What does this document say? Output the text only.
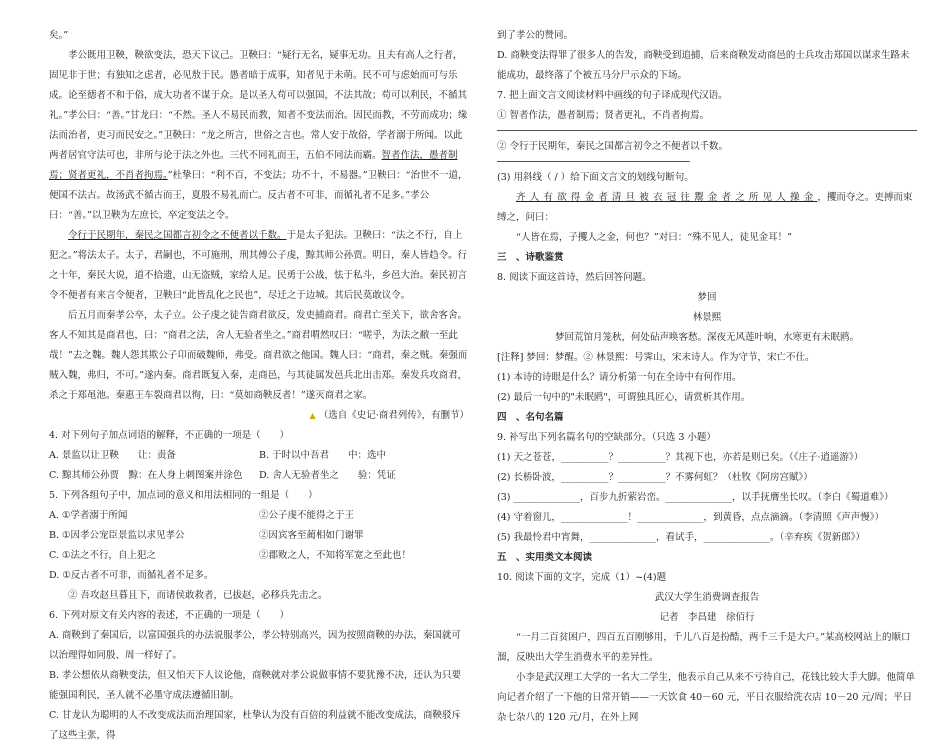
矣。”

孝公既用卫鞅，鞅欲变法，恐天下议己。卫鞅曰：“疑行无名，疑事无功。且夫有高人之行者，固见非于世；有独知之虑者，必见敖于民。愚者暗于成事，知者见于未萌。民不可与虑始而可与乐成。论至德者不和于俗，成大功者不谋于众。是以圣人苟可以强国，不法其故；苟可以利民，不循其礼。”孝公曰：“善。”甘龙曰：“不然。圣人不易民而教，知者不变法而治。因民而教，不劳而成功；缘法而治者，吏习而民安之。”卫鞅曰：“龙之所言，世俗之言也。常人安于故俗，学者溺于所闻。以此两者居官守法可也，非所与论于法之外也。三代不同礼而王，五伯不同法而霸。智者作法，愚者制焉；贤者更礼，不肖者拘焉。”杜挚曰：“利不百，不变法；功不十，不易器。”卫鞅曰：“治世不一道，便国不法古。故汤武不循古而王，夏殷不易礼而亡。反古者不可非，而循礼者不足多。”孝公曰：“善。”以卫鞅为左庶长，卒定变法之令。

令行于民期年，秦民之国都言初令之不便者以千数。于是太子犯法。卫鞅曰：“法之不行，自上犯之。”将法太子。太子，君嗣也，不可施刑，刑其傅公子虔，黥其师公孙贾。明日，秦人皆趋令。行之十年，秦民大说，道不拾遗，山无盗贼，家给人足。民勇于公战，怯于私斗，乡邑大治。秦民初言令不便者有来言令便者，卫鞅曰“此皆乱化之民也”，尽迁之于边城。其后民莫敢议令。

后五月而秦孝公卒，太子立。公子虔之徒告商君欲反，发吏捕商君。商君亡至关下，欲舍客舍。客人不知其是商君也，曰：“商君之法，舍人无验者坐之。”商君喟然叹曰：“嗟乎，为法之敝一至此哉！”去之魏。魏人怨其欺公子卬而破魏师，弗受。商君欲之他国。魏人曰：“商君，秦之贼。秦强而贼入魏，弗归，不可。”遂内秦。商君既复入秦，走商邑，与其徒属发邑兵北出击郑。秦发兵攻商君，杀之于郑黾池。秦惠王车裂商君以徇，曰：“莫如商鞅反者！”遂灭商君之家。

▲ （选自《史记·商君列传》，有删节）

4. 对下列句子加点词语的解释，不正确的一项是（　　）

A. 景监以让卫鞅　　让：责备	B. 于时以中吾君　　中：选中
C. 黥其师公孙贾　黥：在人身上刺图案并涂色	D. 舍人无验者坐之　　验：凭证

5. 下列各组句子中，加点词的意义和用法相同的一组是（　　）

A. ①学者溺于所闻	②公子虔不能得之于王
B. ①因孝公宠臣景监以求见孝公	②因宾客至蔺相如门谢罪
C. ①法之不行，自上犯之	②郡败之人，不知将军宽之至此也！

D. ①反古者不可非，而循礼者不足多。

② 吾攻赵旦暮且下，而诸侯敢救者，已拔赵，必移兵先击之。

6. 下列对原文有关内容的表述，不正确的一项是（　　）

A. 商鞅到了秦国后，以富国强兵的办法说服孝公，孝公特别高兴，因为按照商鞅的办法，秦国就可以治理得如同殷、周一样好了。

B. 孝公想依从商鞅变法，但又怕天下人议论他，商鞅就对孝公说做事情不要犹豫不决，还认为只要能强国利民，圣人就不必墨守成法遵循旧制。

C. 甘龙认为聪明的人不改变成法而治理国家，杜挚认为没有百倍的利益就不能改变成法，商鞅驳斥了这些主张，得

到了孝公的赞同。

D. 商鞅变法得罪了很多人的告发，商鞅受到追捕，后来商鞅发动商邑的士兵攻击郑国以谋求生路未能成功，最终落了个被五马分尸示众的下场。

7. 把上面文言文阅读材料中画线的句子译成现代汉语。

① 智者作法，愚者制焉；贤者更礼，不肖者拘焉。

② 令行于民期年，秦民之国都言初令之不便者以千数。

(3) 用斜线（ / ）给下面文言文的划线句断句。

齐人有欲得金者清旦被衣冠往鬻金者之所见人操金，攫而夺之。吏搏而束缚之，问曰：

“人皆在焉，子攫人之金，何也？”对曰：“殊不见人，徒见金耳！”

三　、诗歌鉴赏

8. 阅读下面这首诗，然后回答问题。

梦回

林景熙

梦回荒馆月笼秋，何处砧声唤客愁。深夜无风莲叶响，水寒更有未眠鸥。

[注释] 梦回：梦醒。② 林景熙：号霁山，宋末诗人。作为守节，宋亡不仕。

(1) 本诗的诗眼是什么？请分析第一句在全诗中有何作用。

(2) 最后一句中的"未眠鸥"，可谓独具匠心，请赏析其作用。

四　、名句名篇

9. 补写出下列名篇名句的空缺部分。（只选 3 小题）

(1) 天之苍苍，__________？__________？其视下也，亦若是则已矣。（《庄子·逍遥游》）

(2) 长桥卧波，__________？__________？不雾何虹？（杜牧《阿房宫赋》）

(3) ______________，百步九折萦岩峦。______________，以手抚膺坐长叹。（李白《蜀道难》）

(4) 守着窗儿，______________！______________，到黄昏，点点滴滴。（李清照《声声慢》）

(5) 我最怜君中宵舞，______________，看试手，______________。（辛弃疾《贺新郎》）

五　、实用类文本阅读

10. 阅读下面的文字，完成（1）~(4)题

武汉大学生消费调查报告

记者　李昌建　徐佰行

“一月二百贫困户，四百五百刚够用，千儿八百是扮酷，两千三千是大户。”某高校网站上的顺口溜，反映出大学生消费水平的差异性。

小李是武汉理工大学的一名大二学生，他表示自己从来不亏待自己，花钱比较大手大脚。他简单向记者介绍了一下他的日常开销——一天饮食 40－60 元，平日衣服给洗衣店 10－20 元/周；平日杂七杂八的 120 元/月，在外上网
